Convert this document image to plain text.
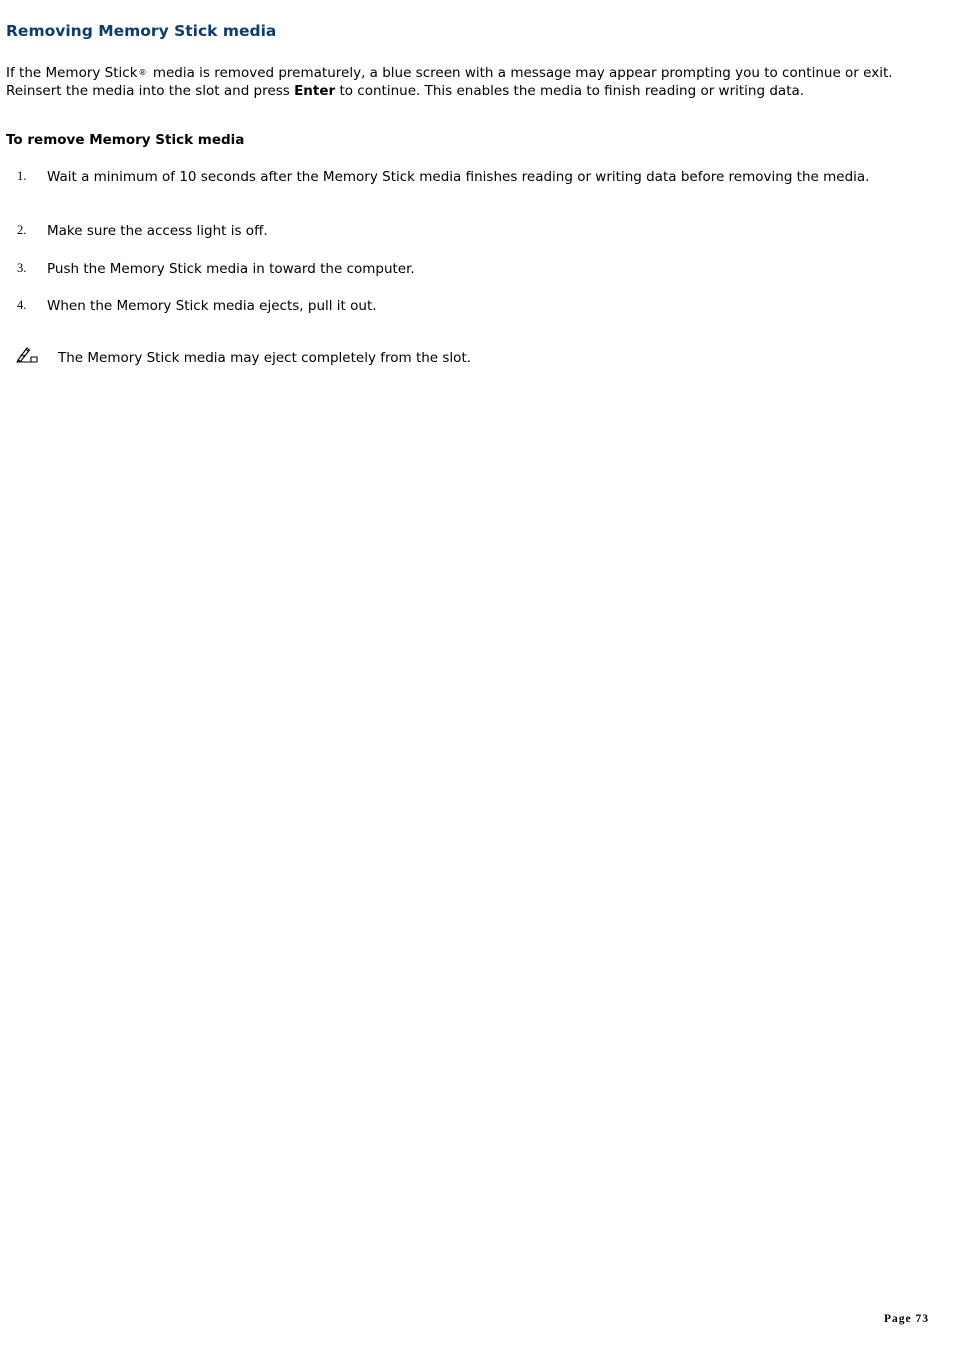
Removing Memory Stick media

If the Memory Stick® media is removed prematurely, a blue screen with a message may appear prompting you to continue or exit. Reinsert the media into the slot and press Enter to continue. This enables the media to finish reading or writing data.

To remove Memory Stick media
1. Wait a minimum of 10 seconds after the Memory Stick media finishes reading or writing data before removing the media.
2. Make sure the access light is off.
3. Push the Memory Stick media in toward the computer.
4. When the Memory Stick media ejects, pull it out.
The Memory Stick media may eject completely from the slot.
Page 73
